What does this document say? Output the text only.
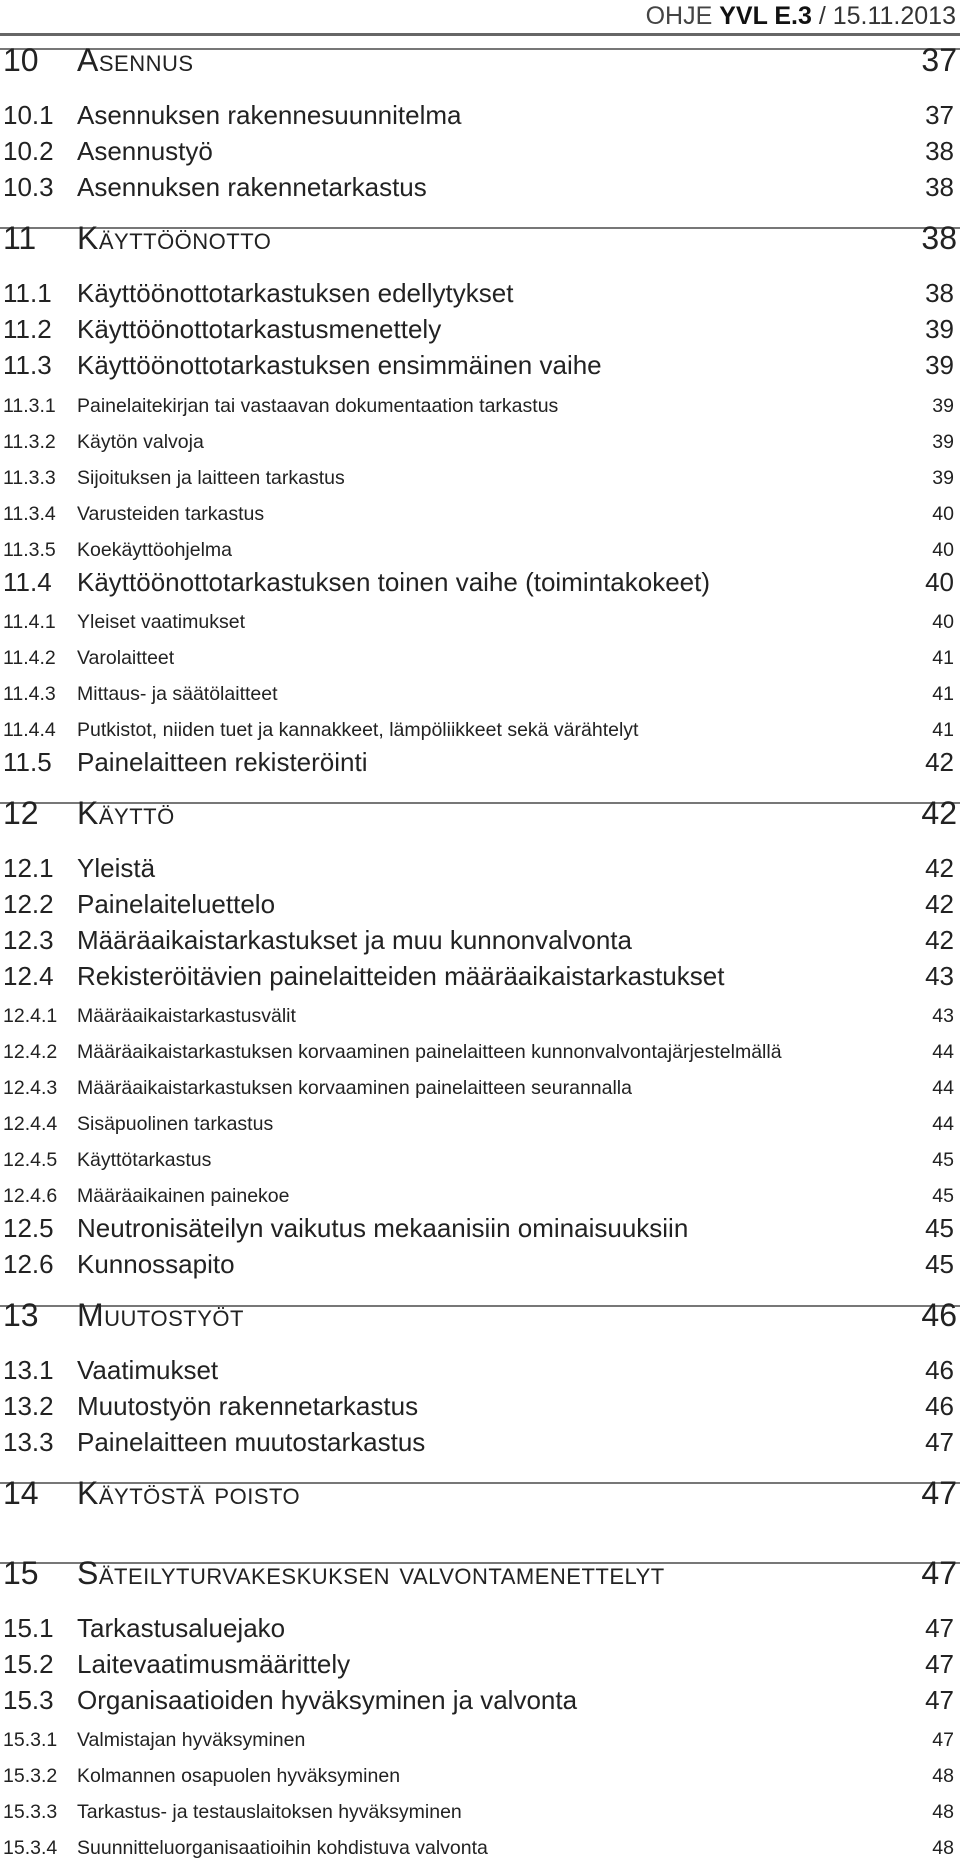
OHJE YVL E.3 / 15.11.2013
10	Asennus	37
10.1 Asennuksen rakennesuunnitelma	37
10.2 Asennustyö	38
10.3 Asennuksen rakennetarkastus	38
11	Käyttöönotto	38
11.1 Käyttöönottotarkastuksen edellytykset	38
11.2 Käyttöönottotarkastusmenettely	39
11.3 Käyttöönottotarkastuksen ensimmäinen vaihe	39
11.3.1	Painelaitekirjan tai vastaavan dokumentaation tarkastus	39
11.3.2	Käytön valvoja	39
11.3.3	Sijoituksen ja laitteen tarkastus	39
11.3.4	Varusteiden tarkastus	40
11.3.5	Koekäyttöohjelma	40
11.4 Käyttöönottotarkastuksen toinen vaihe (toimintakokeet)	40
11.4.1	Yleiset vaatimukset	40
11.4.2	Varolaitteet	41
11.4.3	Mittaus- ja säätölaitteet	41
11.4.4	Putkistot, niiden tuet ja kannakkeet, lämpöliikkeet sekä värähtelyt	41
11.5 Painelaitteen rekisteröinti	42
12	Käyttö	42
12.1 Yleistä	42
12.2 Painelaiteluettelo	42
12.3 Määräaikaistarkastukset ja muu kunnonvalvonta	42
12.4 Rekisteröitävien painelaitteiden määräaikaistarkastukset	43
12.4.1	Määräaikaistarkastusvälit	43
12.4.2	Määräaikaistarkastuksen korvaaminen painelaitteen kunnonvalvontajärjestelmällä	44
12.4.3	Määräaikaistarkastuksen korvaaminen painelaitteen seurannalla	44
12.4.4	Sisäpuolinen tarkastus	44
12.4.5	Käyttötarkastus	45
12.4.6	Määräaikainen painekoe	45
12.5 Neutronisäteilyn vaikutus mekaanisiin ominaisuuksiin	45
12.6 Kunnossapito	45
13	Muutostyöt	46
13.1 Vaatimukset	46
13.2 Muutostyön rakennetarkastus	46
13.3 Painelaitteen muutostarkastus	47
14	Käytöstä poisto	47
15	Säteilyturvakeskuksen valvontamenettelyt	47
15.1 Tarkastusaluejako	47
15.2 Laitevaatimusmäärittely	47
15.3 Organisaatioiden hyväksyminen ja valvonta	47
15.3.1	Valmistajan hyväksyminen	47
15.3.2	Kolmannen osapuolen hyväksyminen	48
15.3.3	Tarkastus- ja testauslaitoksen hyväksyminen	48
15.3.4	Suunnitteluorganisaatioihin kohdistuva valvonta	48
